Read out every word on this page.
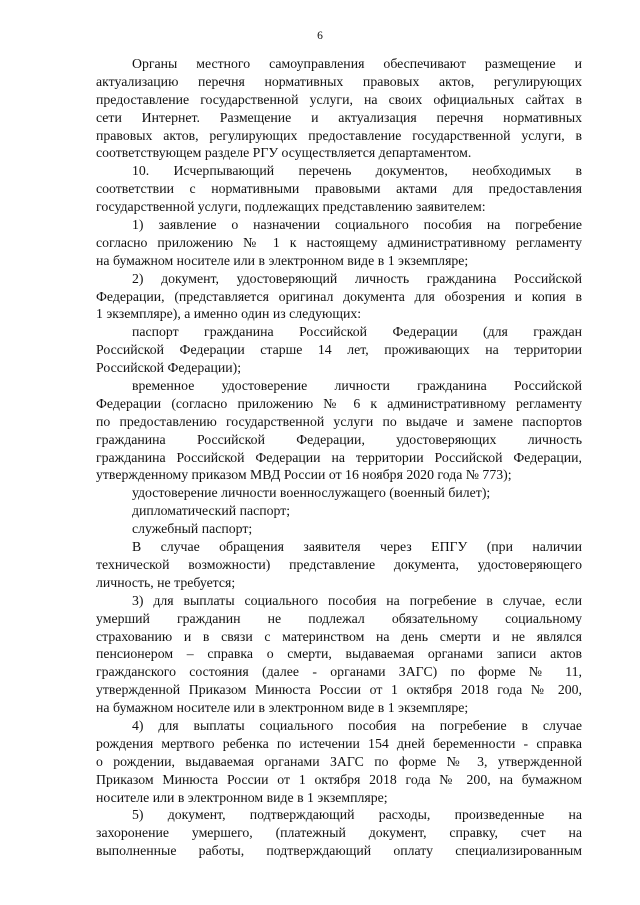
6
Органы местного самоуправления обеспечивают размещение и
актуализацию перечня нормативных правовых актов, регулирующих
предоставление государственной услуги, на своих официальных сайтах в
сети Интернет. Размещение и актуализация перечня нормативных
правовых актов, регулирующих предоставление государственной услуги, в
соответствующем разделе РГУ осуществляется департаментом.
10. Исчерпывающий перечень документов, необходимых в
соответствии с нормативными правовыми актами для предоставления
государственной услуги, подлежащих представлению заявителем:
1) заявление о назначении социального пособия на погребение
согласно приложению № 1 к настоящему административному регламенту
на бумажном носителе или в электронном виде в 1 экземпляре;
2) документ, удостоверяющий личность гражданина Российской
Федерации, (представляется оригинал документа для обозрения и копия в
1 экземпляре), а именно один из следующих:
паспорт гражданина Российской Федерации (для граждан
Российской Федерации старше 14 лет, проживающих на территории
Российской Федерации);
временное удостоверение личности гражданина Российской
Федерации (согласно приложению № 6 к административному регламенту
по предоставлению государственной услуги по выдаче и замене паспортов
гражданина Российской Федерации, удостоверяющих личность
гражданина Российской Федерации на территории Российской Федерации,
утвержденному приказом МВД России от 16 ноября 2020 года № 773);
удостоверение личности военнослужащего (военный билет);
дипломатический паспорт;
служебный паспорт;
В случае обращения заявителя через ЕПГУ (при наличии
технической возможности) представление документа, удостоверяющего
личность, не требуется;
3) для выплаты социального пособия на погребение в случае, если
умерший гражданин не подлежал обязательному социальному
страхованию и в связи с материнством на день смерти и не являлся
пенсионером – справка о смерти, выдаваемая органами записи актов
гражданского состояния (далее - органами ЗАГС) по форме № 11,
утвержденной Приказом Минюста России от 1 октября 2018 года № 200,
на бумажном носителе или в электронном виде в 1 экземпляре;
4) для выплаты социального пособия на погребение в случае
рождения мертвого ребенка по истечении 154 дней беременности - справка
о рождении, выдаваемая органами ЗАГС по форме № 3, утвержденной
Приказом Минюста России от 1 октября 2018 года № 200, на бумажном
носителе или в электронном виде в 1 экземпляре;
5) документ, подтверждающий расходы, произведенные на
захоронение умершего, (платежный документ, справку, счет на
выполненные работы, подтверждающий оплату специализированным
